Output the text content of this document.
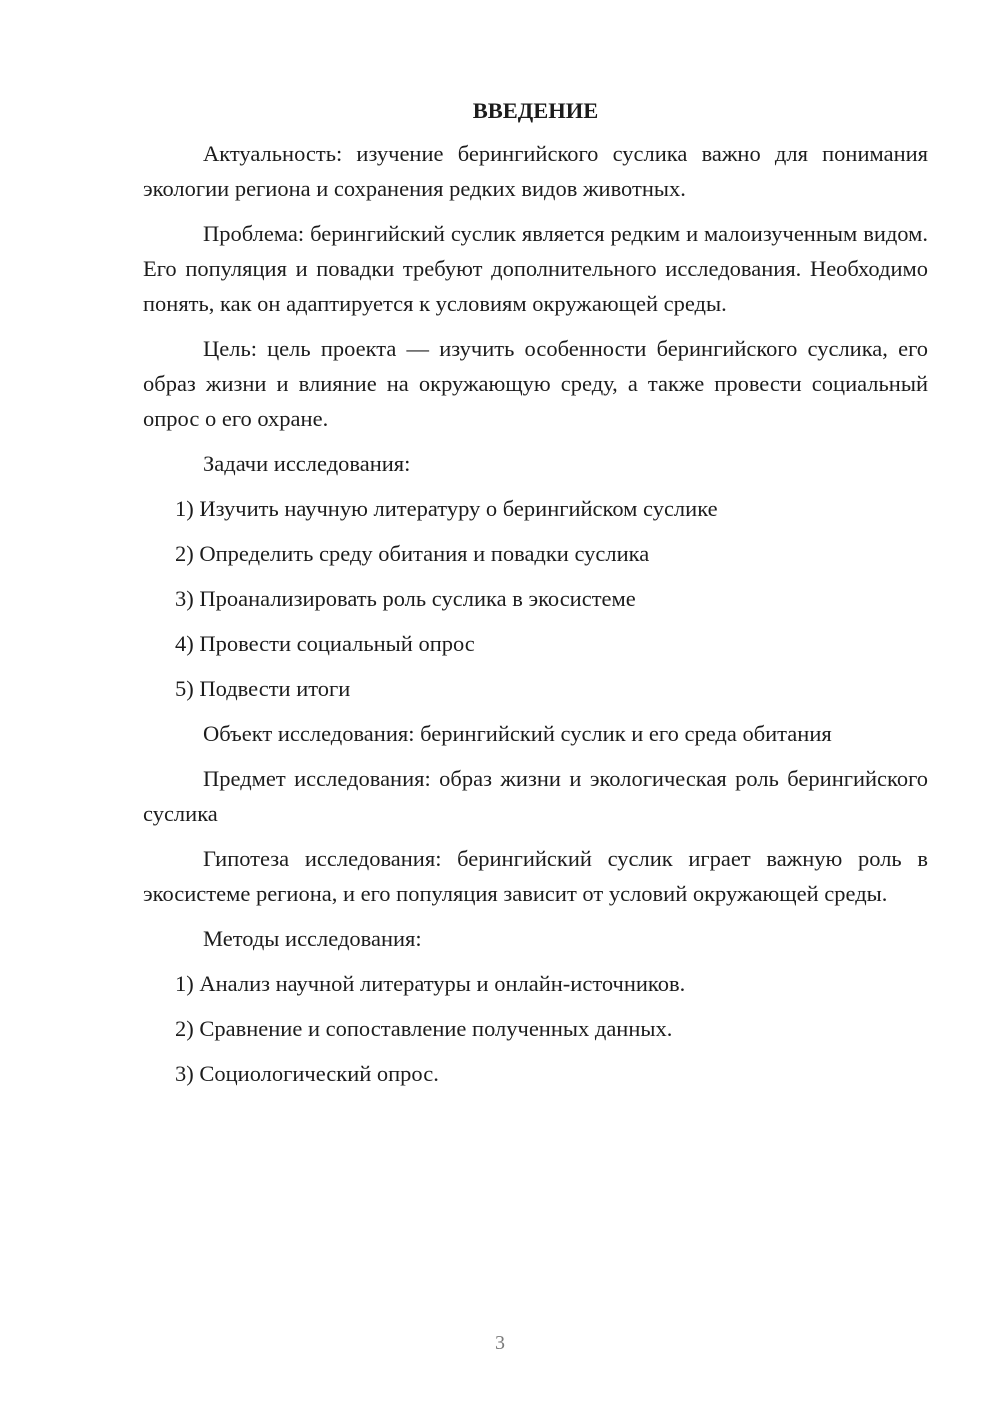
ВВЕДЕНИЕ
Актуальность: изучение берингийского суслика важно для понимания экологии региона и сохранения редких видов животных.
Проблема: берингийский суслик является редким и малоизученным видом. Его популяция и повадки требуют дополнительного исследования. Необходимо понять, как он адаптируется к условиям окружающей среды.
Цель: цель проекта — изучить особенности берингийского суслика, его образ жизни и влияние на окружающую среду, а также провести социальный опрос о его охране.
Задачи исследования:
1) Изучить научную литературу о берингийском суслике
2) Определить среду обитания и повадки суслика
3) Проанализировать роль суслика в экосистеме
4) Провести социальный опрос
5) Подвести итоги
Объект исследования: берингийский суслик и его среда обитания
Предмет исследования: образ жизни и экологическая роль берингийского суслика
Гипотеза исследования: берингийский суслик играет важную роль в экосистеме региона, и его популяция зависит от условий окружающей среды.
Методы исследования:
1) Анализ научной литературы и онлайн-источников.
2) Сравнение и сопоставление полученных данных.
3) Социологический опрос.
3
